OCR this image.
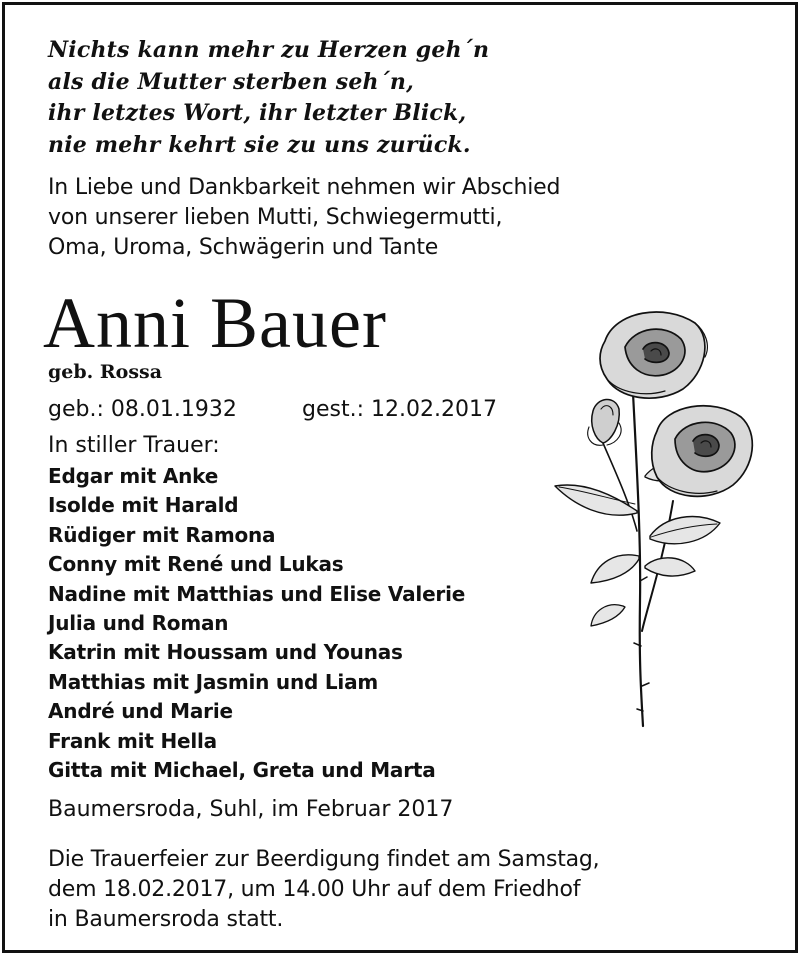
Nichts kann mehr zu Herzen geh´n
als die Mutter sterben seh´n,
ihr letztes Wort, ihr letzter Blick,
nie mehr kehrt sie zu uns zurück.
In Liebe und Dankbarkeit nehmen wir Abschied
von unserer lieben Mutti, Schwiegermutti,
Oma, Uroma, Schwägerin und Tante
Anni Bauer
geb. Rossa
geb.: 08.01.1932	gest.: 12.02.2017
In stiller Trauer:
Edgar mit Anke
Isolde mit Harald
Rüdiger mit Ramona
Conny mit René und Lukas
Nadine mit Matthias und Elise Valerie
Julia und Roman
Katrin mit Houssam und Younas
Matthias mit Jasmin und Liam
André und Marie
Frank mit Hella
Gitta mit Michael, Greta und Marta
Baumersroda, Suhl, im Februar 2017
Die Trauerfeier zur Beerdigung findet am Samstag,
dem 18.02.2017, um 14.00 Uhr auf dem Friedhof
in Baumersroda statt.
